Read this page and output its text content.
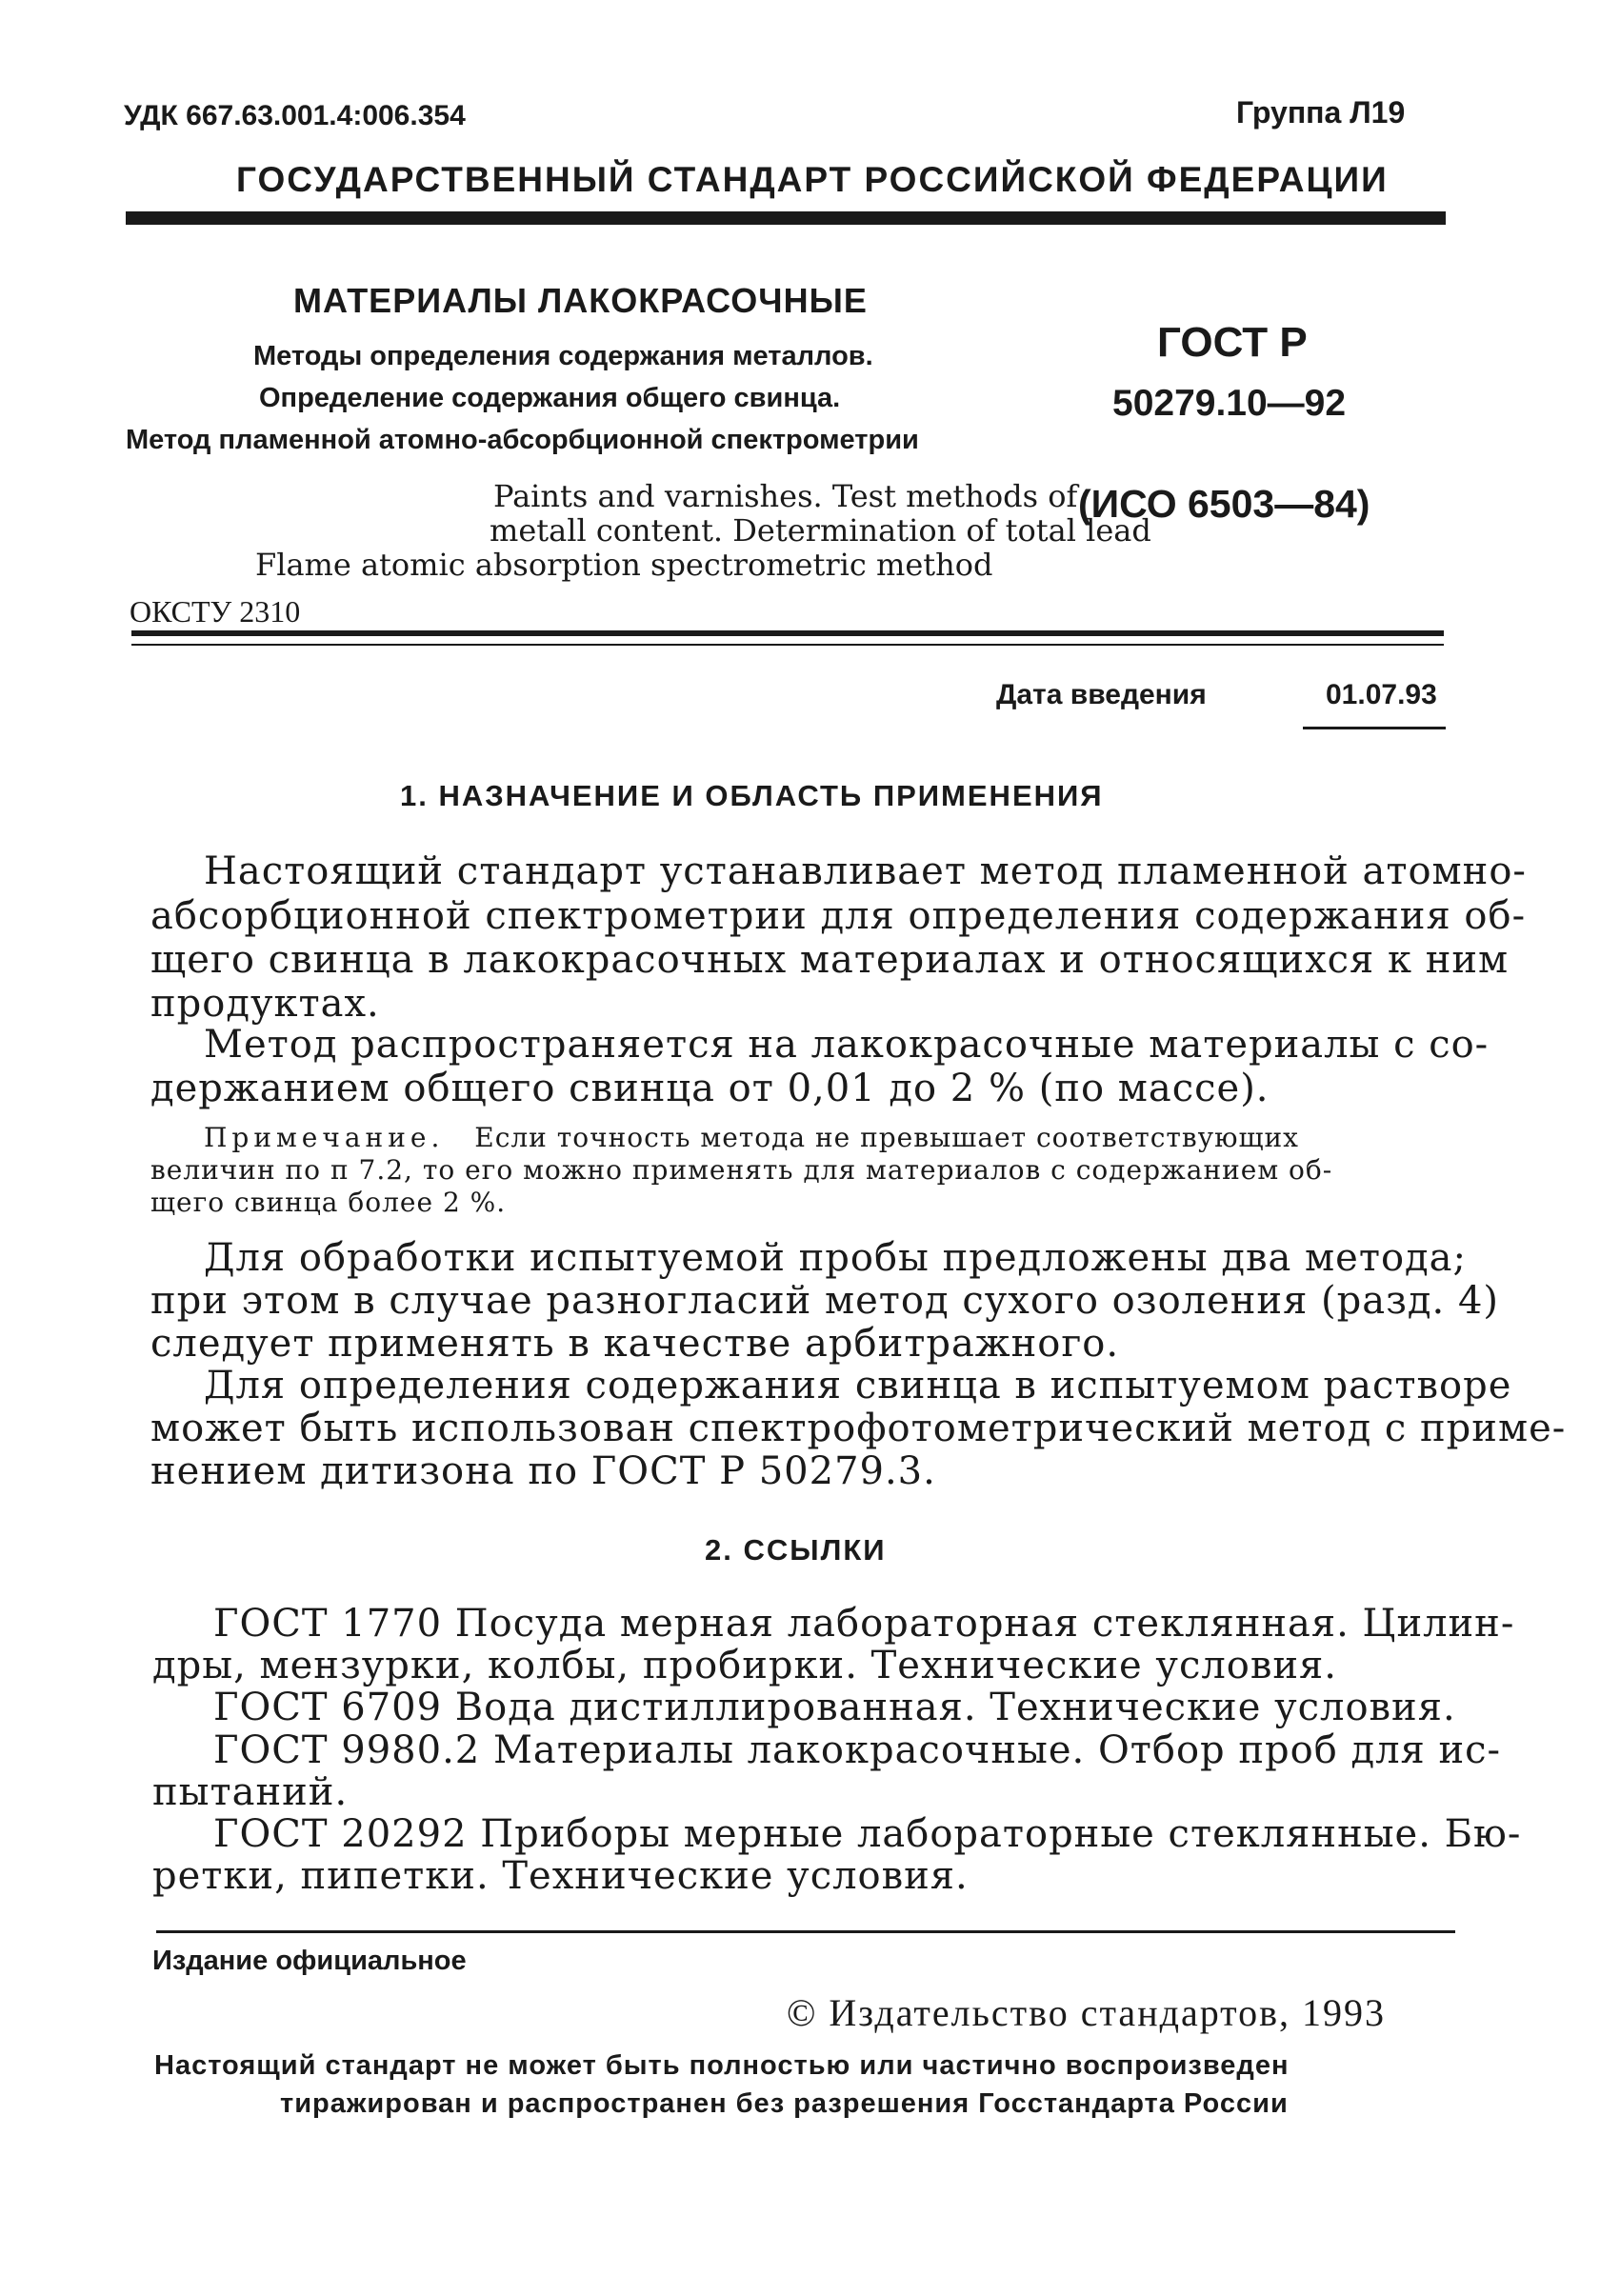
УДК 667.63.001.4:006.354	Группа Л19
ГОСУДАРСТВЕННЫЙ СТАНДАРТ РОССИЙСКОЙ ФЕДЕРАЦИИ
МАТЕРИАЛЫ ЛАКОКРАСОЧНЫЕ
Методы определения содержания металлов.
Определение содержания общего свинца.
Метод пламенной атомно-абсорбционной спектрометрии
Paints and varnishes. Test methods of
metall content. Determination of total lead
Flame atomic absorption spectrometric method
ОКСТУ 2310
ГОСТ Р
50279.10—92
(ИСО 6503—84)
Дата введения	01.07.93
1. НАЗНАЧЕНИЕ И ОБЛАСТЬ ПРИМЕНЕНИЯ
Настоящий стандарт устанавливает метод пламенной атомно-
абсорбционной спектрометрии для определения содержания об-
щего свинца в лакокрасочных материалах и относящихся к ним
продуктах.
Метод распространяется на лакокрасочные материалы с со-
держанием общего свинца от 0,01 до 2 % (по массе).
Примечание. Если точность метода не превышает соответствующих
величин по п 7.2, то его можно применять для материалов с содержанием об-
щего свинца более 2 %.
Для обработки испытуемой пробы предложены два метода;
при этом в случае разногласий метод сухого озоления (разд. 4)
следует применять в качестве арбитражного.
Для определения содержания свинца в испытуемом растворе
может быть использован спектрофотометрический метод с приме-
нением дитизона по ГОСТ Р 50279.3.
2. ССЫЛКИ
ГОСТ 1770 Посуда мерная лабораторная стеклянная. Цилин-
дры, мензурки, колбы, пробирки. Технические условия.
ГОСТ 6709 Вода дистиллированная. Технические условия.
ГОСТ 9980.2 Материалы лакокрасочные. Отбор проб для ис-
пытаний.
ГОСТ 20292 Приборы мерные лабораторные стеклянные. Бю-
ретки, пипетки. Технические условия.
Издание официальное
© Издательство стандартов, 1993
Настоящий стандарт не может быть полностью или частично воспроизведен
тиражирован и распространен без разрешения Госстандарта России
